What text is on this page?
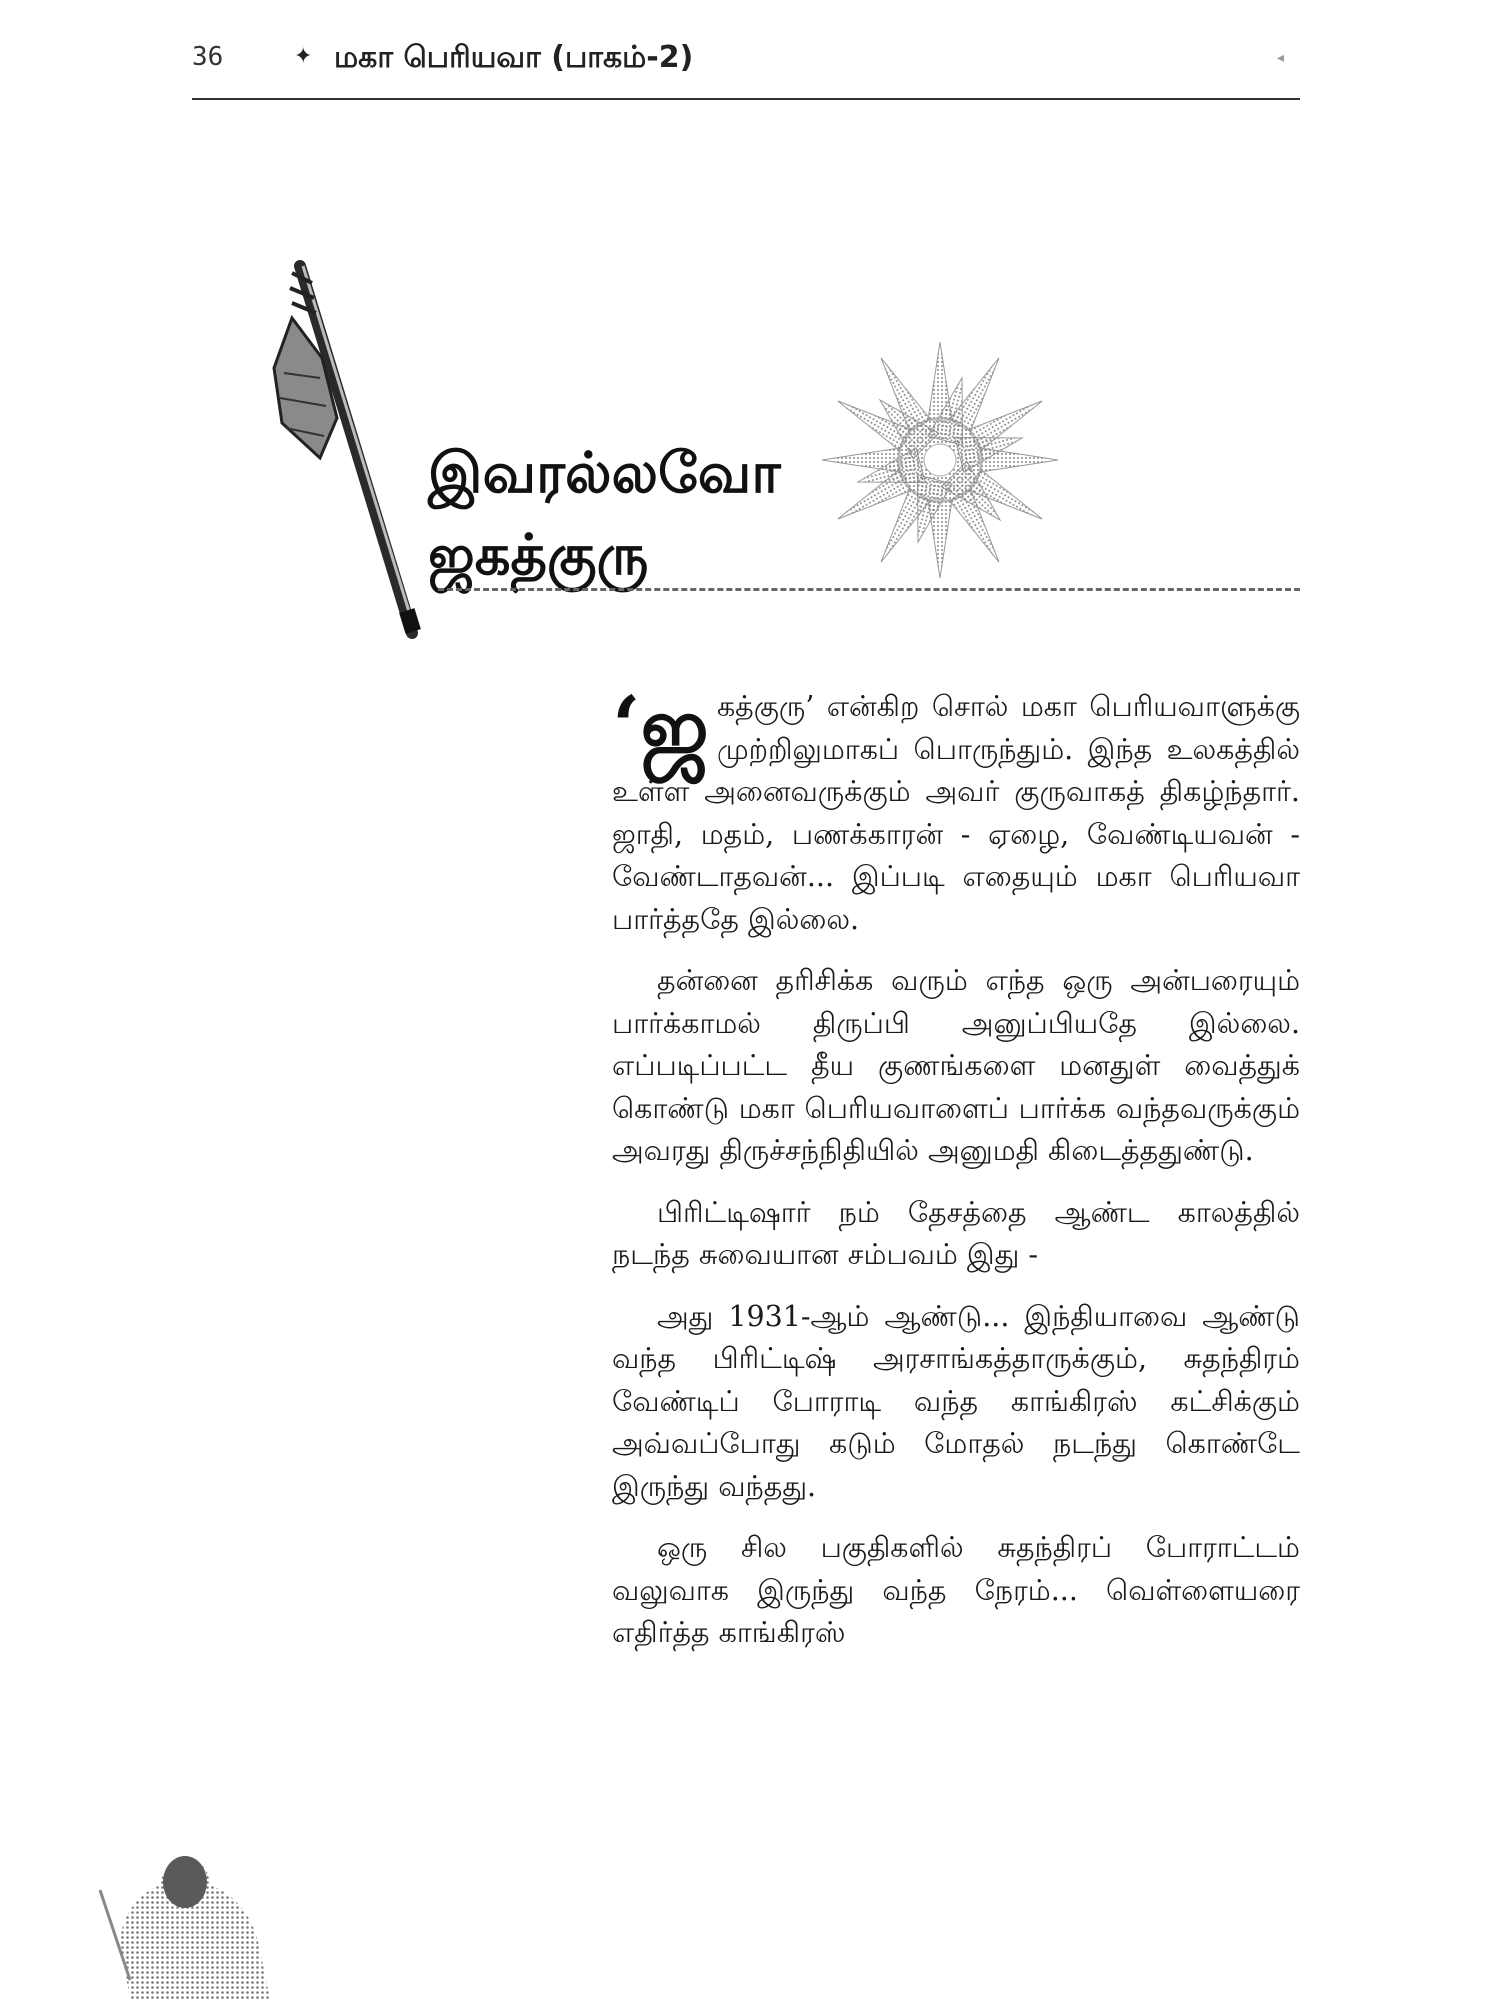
36	✦ மகா பெரியவா (பாகம்-2)	◂
இவரல்லவோ
ஜகத்குரு

‘ஜகத்குரு’ என்கிற சொல் மகா பெரியவாளுக்கு முற்றிலுமாகப் பொருந்தும். இந்த உலகத்தில் உள்ள அனைவருக்கும் அவர் குருவாகத் திகழ்ந்தார். ஜாதி, மதம், பணக்காரன் - ஏழை, வேண்டியவன் - வேண்டாதவன்... இப்படி எதையும் மகா பெரியவா பார்த்ததே இல்லை.

தன்னை தரிசிக்க வரும் எந்த ஒரு அன்பரையும் பார்க்காமல் திருப்பி அனுப்பியதே இல்லை. எப்படிப்பட்ட தீய குணங்களை மனதுள் வைத்துக் கொண்டு மகா பெரியவாளைப் பார்க்க வந்தவருக்கும் அவரது திருச்சந்நிதியில் அனுமதி கிடைத்ததுண்டு.

பிரிட்டிஷார் நம் தேசத்தை ஆண்ட காலத்தில் நடந்த சுவையான சம்பவம் இது -

அது 1931-ஆம் ஆண்டு... இந்தியாவை ஆண்டு வந்த பிரிட்டிஷ் அரசாங்கத்தாருக்கும், சுதந்திரம் வேண்டிப் போராடி வந்த காங்கிரஸ் கட்சிக்கும் அவ்வப்போது கடும் மோதல் நடந்து கொண்டே இருந்து வந்தது.

ஒரு சில பகுதிகளில் சுதந்திரப் போராட்டம் வலுவாக இருந்து வந்த நேரம்... வெள்ளையரை எதிர்த்த காங்கிரஸ்
